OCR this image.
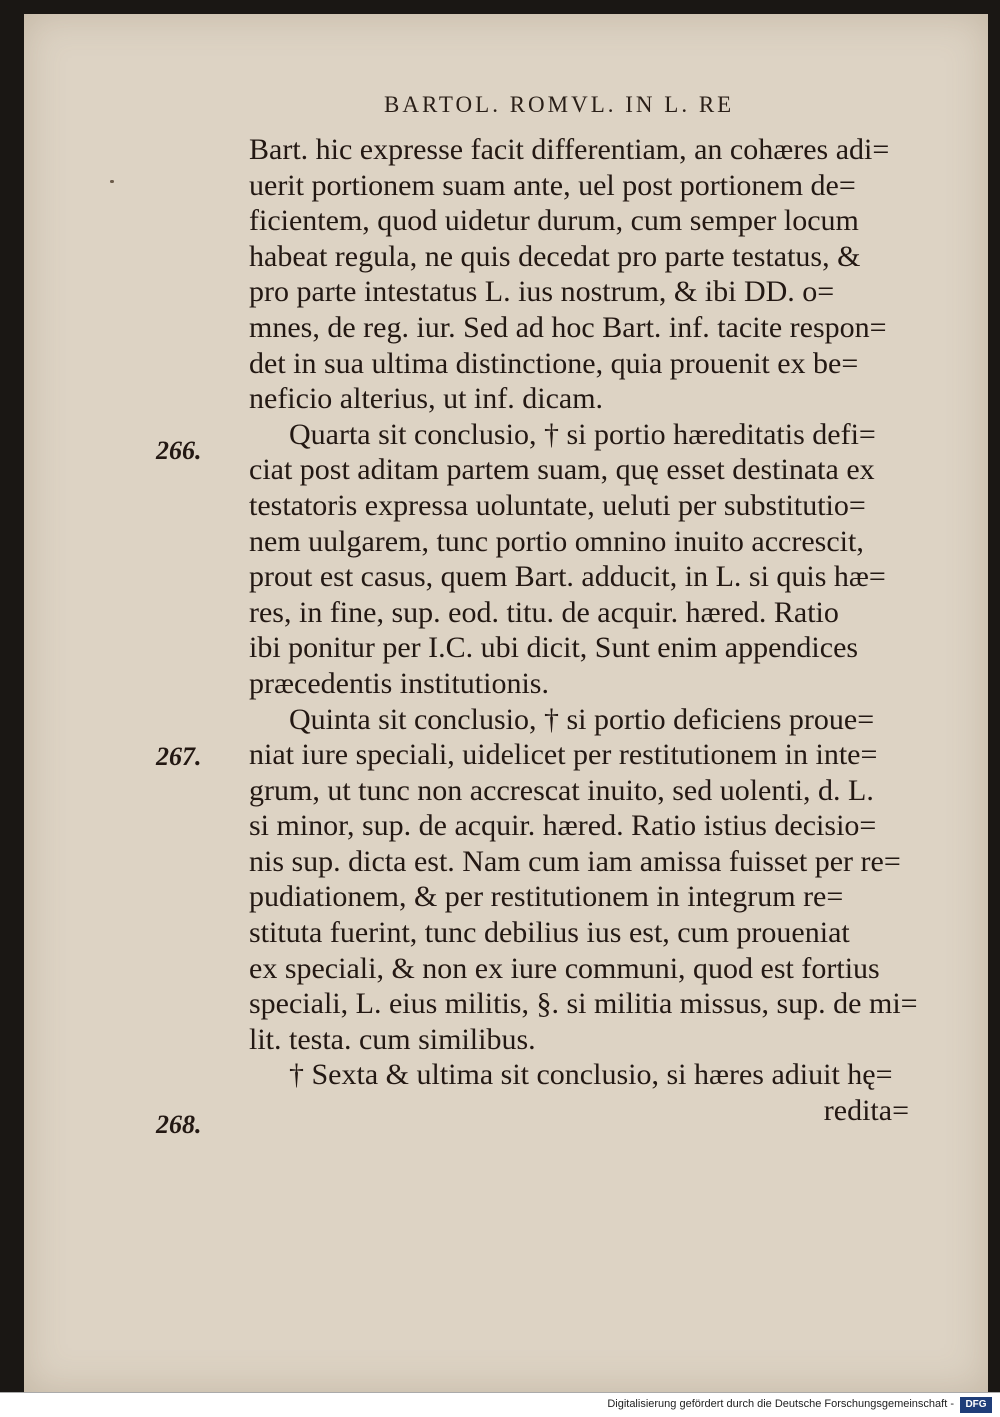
BARTOL. ROMVL. IN L. RE
266.
267.
268.
Bart. hic expresse facit differentiam, an cohæres adi=
uerit portionem suam ante, uel post portionem de=
ficientem, quod uidetur durum, cum semper locum
habeat regula, ne quis decedat pro parte testatus, &
pro parte intestatus L. ius nostrum, & ibi DD. o=
mnes, de reg. iur. Sed ad hoc Bart. inf. tacite respon=
det in sua ultima distinctione, quia prouenit ex be=
neficio alterius, ut inf. dicam.
Quarta sit conclusio, † si portio hæreditatis defi=
ciat post aditam partem suam, quę esset destinata ex
testatoris expressa uoluntate, ueluti per substitutio=
nem uulgarem, tunc portio omnino inuito accrescit,
prout est casus, quem Bart. adducit, in L. si quis hæ=
res, in fine, sup. eod. titu. de acquir. hæred. Ratio
ibi ponitur per I.C. ubi dicit, Sunt enim appendices
præcedentis institutionis.
Quinta sit conclusio, † si portio deficiens proue=
niat iure speciali, uidelicet per restitutionem in inte=
grum, ut tunc non accrescat inuito, sed uolenti, d. L.
si minor, sup. de acquir. hæred. Ratio istius decisio=
nis sup. dicta est. Nam cum iam amissa fuisset per re=
pudiationem, & per restitutionem in integrum re=
stituta fuerint, tunc debilius ius est, cum proueniat
ex speciali, & non ex iure communi, quod est fortius
speciali, L. eius militis, §. si militia missus, sup. de mi=
lit. testa. cum similibus.
† Sexta & ultima sit conclusio, si hæres adiuit hę=
redita=
Digitalisierung gefördert durch die Deutsche Forschungsgemeinschaft -	DFG
